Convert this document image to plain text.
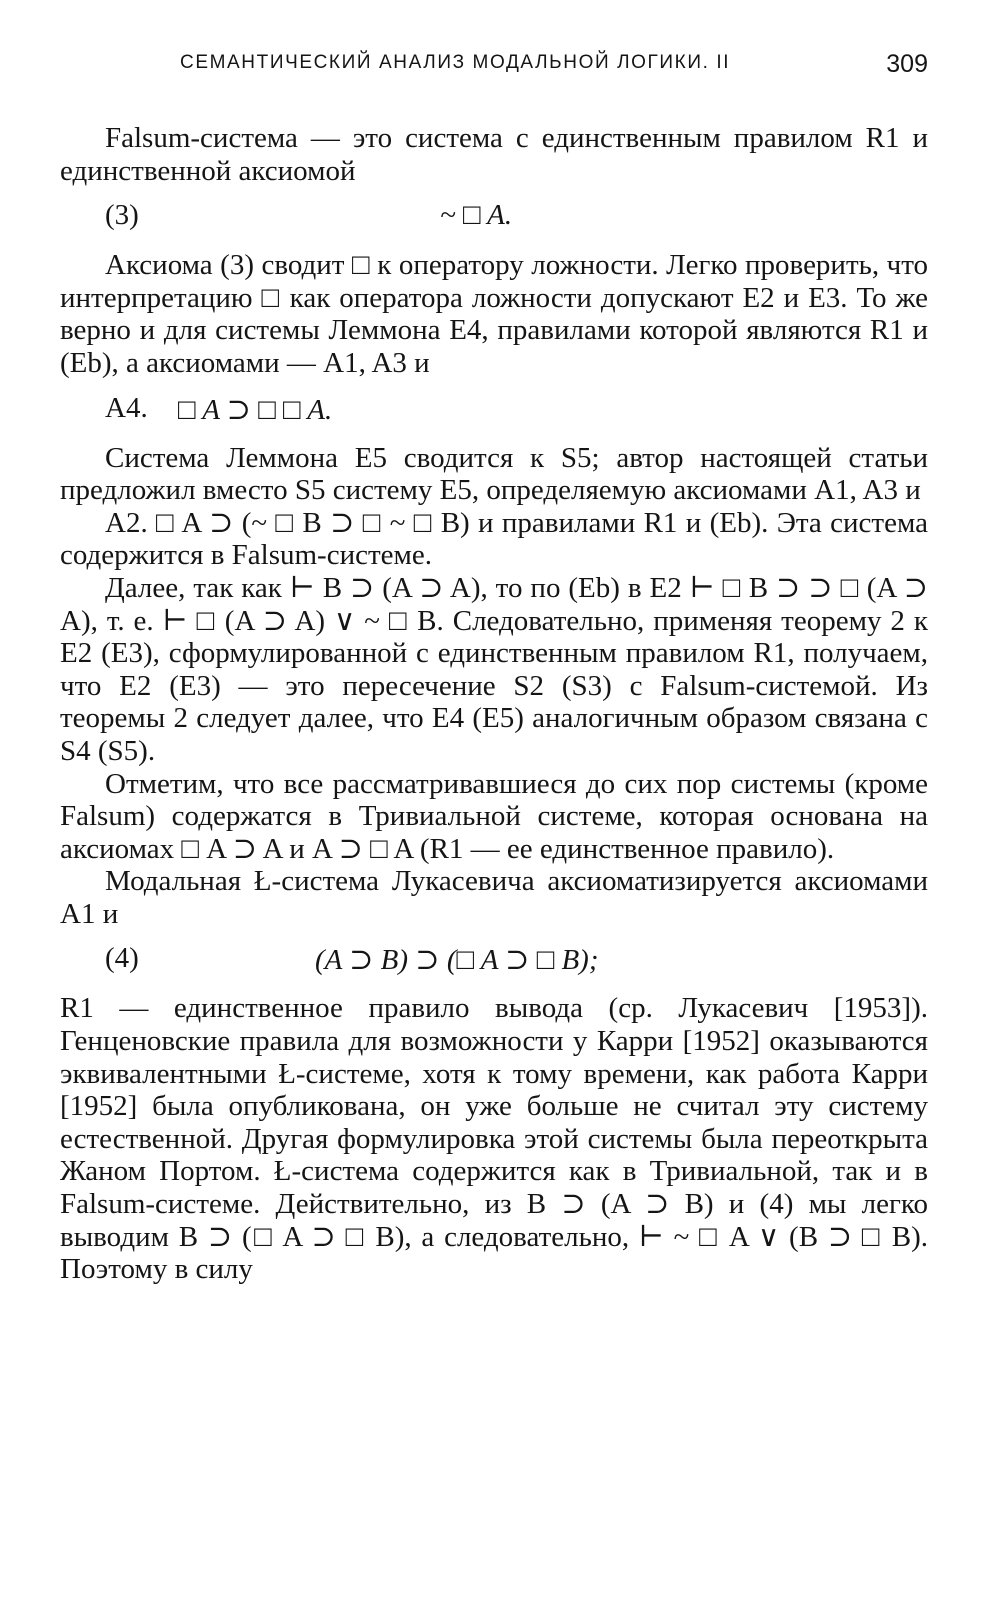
СЕМАНТИЧЕСКИЙ АНАЛИЗ МОДАЛЬНОЙ ЛОГИКИ. II	309

Falsum-система — это система с единственным правилом R1 и единственной аксиомой

(3)	~ □ A.

Аксиома (3) сводит □ к оператору ложности. Легко проверить, что интерпретацию □ как оператора ложности допускают E2 и E3. То же верно и для системы Леммона E4, правилами которой являются R1 и (Eb), а аксиомами — A1, A3 и

A4. □ A ⊃ □ □ A.

Система Леммона E5 сводится к S5; автор настоящей статьи предложил вместо S5 систему E5, определяемую аксиомами A1, A3 и

A2. □ A ⊃ (~ □ B ⊃ □ ~ □ B) и правилами R1 и (Eb). Эта система содержится в Falsum-системе.

Далее, так как ⊢ B ⊃ (A ⊃ A), то по (Eb) в E2 ⊢ □ B ⊃ ⊃ □ (A ⊃ A), т. е. ⊢ □ (A ⊃ A) ∨ ~ □ B. Следовательно, применяя теорему 2 к E2 (E3), сформулированной с единственным правилом R1, получаем, что E2 (E3) — это пересечение S2 (S3) с Falsum-системой. Из теоремы 2 следует далее, что E4 (E5) аналогичным образом связана с S4 (S5).

Отметим, что все рассматривавшиеся до сих пор системы (кроме Falsum) содержатся в Тривиальной системе, которая основана на аксиомах □ A ⊃ A и A ⊃ □ A (R1 — ее единственное правило).

Модальная Ł-система Лукасевича аксиоматизируется аксиомами A1 и

(4)	(A ⊃ B) ⊃ (□ A ⊃ □ B);

R1 — единственное правило вывода (ср. Лукасевич [1953]). Генценовские правила для возможности у Карри [1952] оказываются эквивалентными Ł-системе, хотя к тому времени, как работа Карри [1952] была опубликована, он уже больше не считал эту систему естественной. Другая формулировка этой системы была переоткрыта Жаном Портом. Ł-система содержится как в Тривиальной, так и в Falsum-системе. Действительно, из B ⊃ (A ⊃ B) и (4) мы легко выводим B ⊃ (□ A ⊃ □ B), а следовательно, ⊢ ~ □ A ∨ (B ⊃ □ B). Поэтому в силу
